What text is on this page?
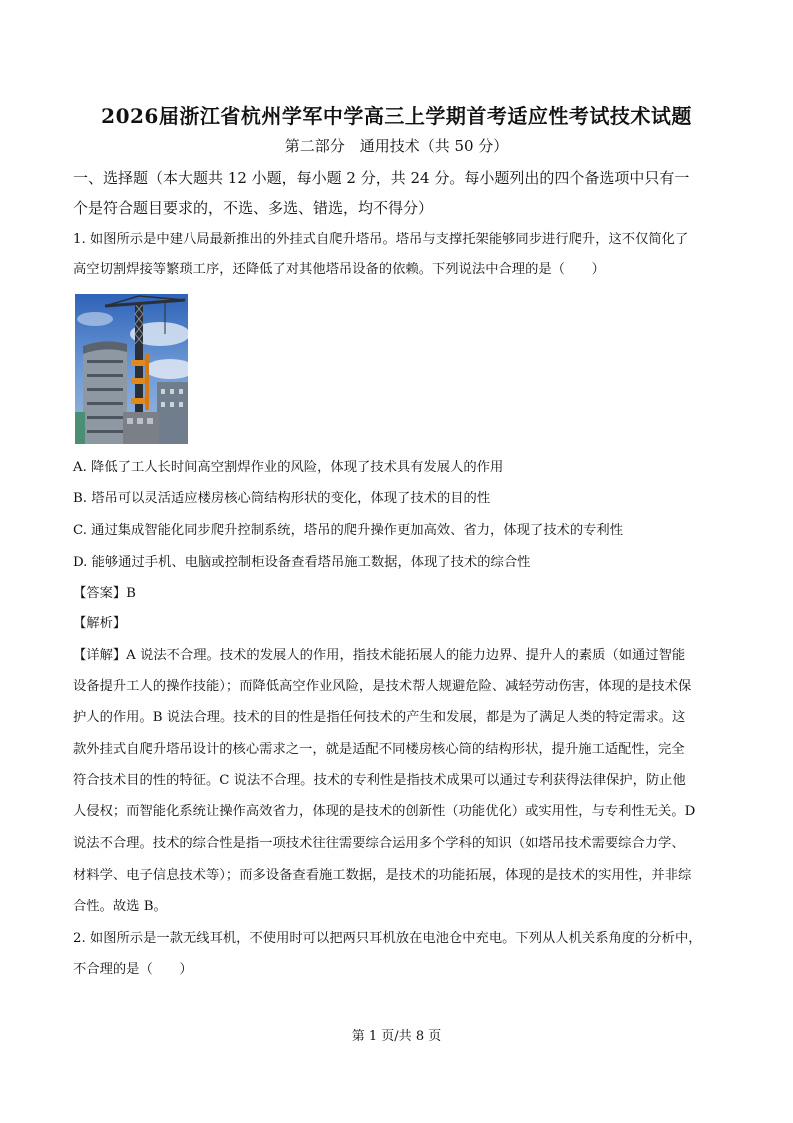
2026届浙江省杭州学军中学高三上学期首考适应性考试技术试题
第二部分　通用技术（共 50 分）
一、选择题（本大题共 12 小题，每小题 2 分，共 24 分。每小题列出的四个备选项中只有一
个是符合题目要求的，不选、多选、错选，均不得分）
1. 如图所示是中建八局最新推出的外挂式自爬升塔吊。塔吊与支撑托架能够同步进行爬升，这不仅简化了
高空切割焊接等繁琐工序，还降低了对其他塔吊设备的依赖。下列说法中合理的是（　　）
A. 降低了工人长时间高空割焊作业的风险，体现了技术具有发展人的作用
B. 塔吊可以灵活适应楼房核心筒结构形状的变化，体现了技术的目的性
C. 通过集成智能化同步爬升控制系统，塔吊的爬升操作更加高效、省力，体现了技术的专利性
D. 能够通过手机、电脑或控制柜设备查看塔吊施工数据，体现了技术的综合性
【答案】B
【解析】
【详解】A 说法不合理。技术的发展人的作用，指技术能拓展人的能力边界、提升人的素质（如通过智能
设备提升工人的操作技能）；而降低高空作业风险，是技术帮人规避危险、减轻劳动伤害，体现的是技术保
护人的作用。B 说法合理。技术的目的性是指任何技术的产生和发展，都是为了满足人类的特定需求。这
款外挂式自爬升塔吊设计的核心需求之一，就是适配不同楼房核心筒的结构形状，提升施工适配性，完全
符合技术目的性的特征。C 说法不合理。技术的专利性是指技术成果可以通过专利获得法律保护，防止他
人侵权；而智能化系统让操作高效省力，体现的是技术的创新性（功能优化）或实用性，与专利性无关。D
说法不合理。技术的综合性是指一项技术往往需要综合运用多个学科的知识（如塔吊技术需要综合力学、
材料学、电子信息技术等）；而多设备查看施工数据，是技术的功能拓展，体现的是技术的实用性，并非综
合性。故选 B。
2. 如图所示是一款无线耳机，不使用时可以把两只耳机放在电池仓中充电。下列从人机关系角度的分析中，
不合理的是（　　）
第 1 页/共 8 页
